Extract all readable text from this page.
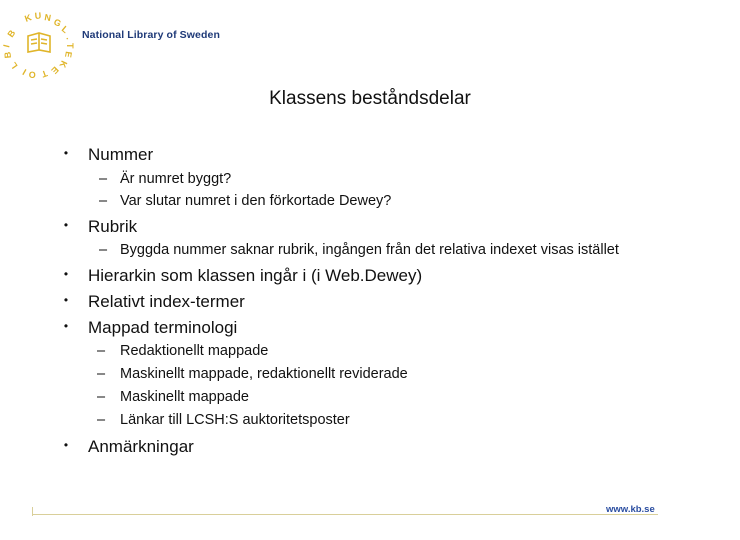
K U N G
L
.
B
I
B
L
I O T E
K
E
T
National Library of Sweden
Klassens beståndsdelar
• Nummer
– Är numret byggt?
– Var slutar numret i den förkortade Dewey?
• Rubrik
– Byggda nummer saknar rubrik, ingången från det relativa indexet visas istället
• Hierarkin som klassen ingår i (i Web.Dewey)
• Relativt index-termer
• Mappad terminologi
– Redaktionellt mappade
– Maskinellt mappade, redaktionellt reviderade
– Maskinellt mappade
– Länkar till LCSH:S auktoritetsposter
• Anmärkningar
www.kb.se
